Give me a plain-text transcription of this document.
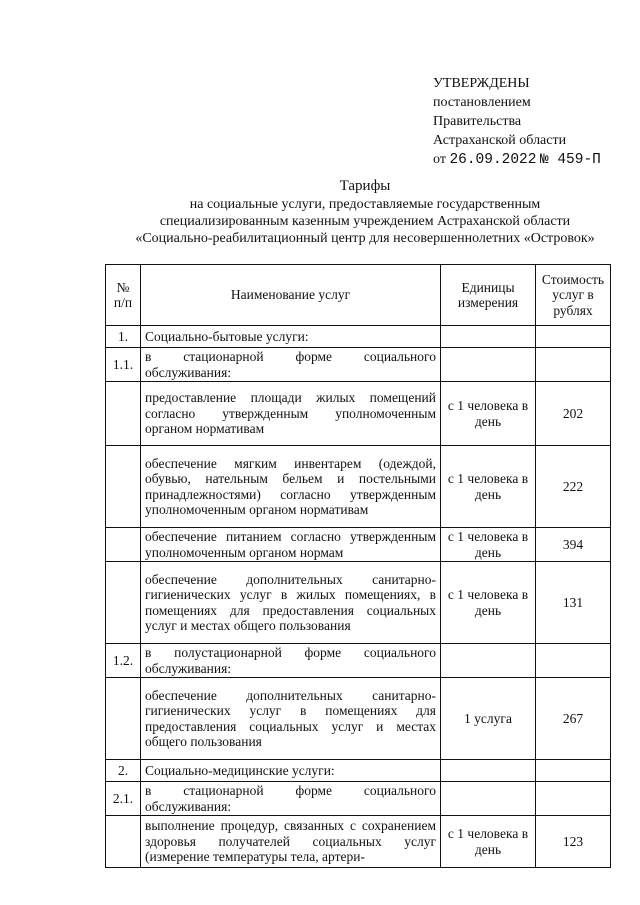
УТВЕРЖДЕНЫ
постановлением
Правительства
Астраханской области
от 26.09.2022 № 459-П
Тарифы
на социальные услуги, предоставляемые государственным
специализированным казенным учреждением Астраханской области
«Социально-реабилитационный центр для несовершеннолетних «Островок»
№ п/п	Наименование услуг	Единицы измерения	Стоимость услуг в рублях
1.	Социально-бытовые услуги:		
1.1.	в стационарной форме социального обслуживания:		
	предоставление площади жилых помещений согласно утвержденным уполномоченным органом нормативам	с 1 человека в день	202
	обеспечение мягким инвентарем (одеждой, обувью, нательным бельем и постельными принадлежностями) согласно утвержденным уполномоченным органом нормативам	с 1 человека в день	222
	обеспечение питанием согласно утвержденным уполномоченным органом нормам	с 1 человека в день	394
	обеспечение дополнительных санитарно-гигиенических услуг в жилых помещениях, в помещениях для предоставления социальных услуг и местах общего пользования	с 1 человека в день	131
1.2.	в полустационарной форме социального обслуживания:		
	обеспечение дополнительных санитарно-гигиенических услуг в помещениях для предоставления социальных услуг и местах общего пользования	1 услуга	267
2.	Социально-медицинские услуги:		
2.1.	в стационарной форме социального обслуживания:		
	выполнение процедур, связанных с сохранением здоровья получателей социальных услуг (измерение температуры тела, артери-	с 1 человека в день	123
